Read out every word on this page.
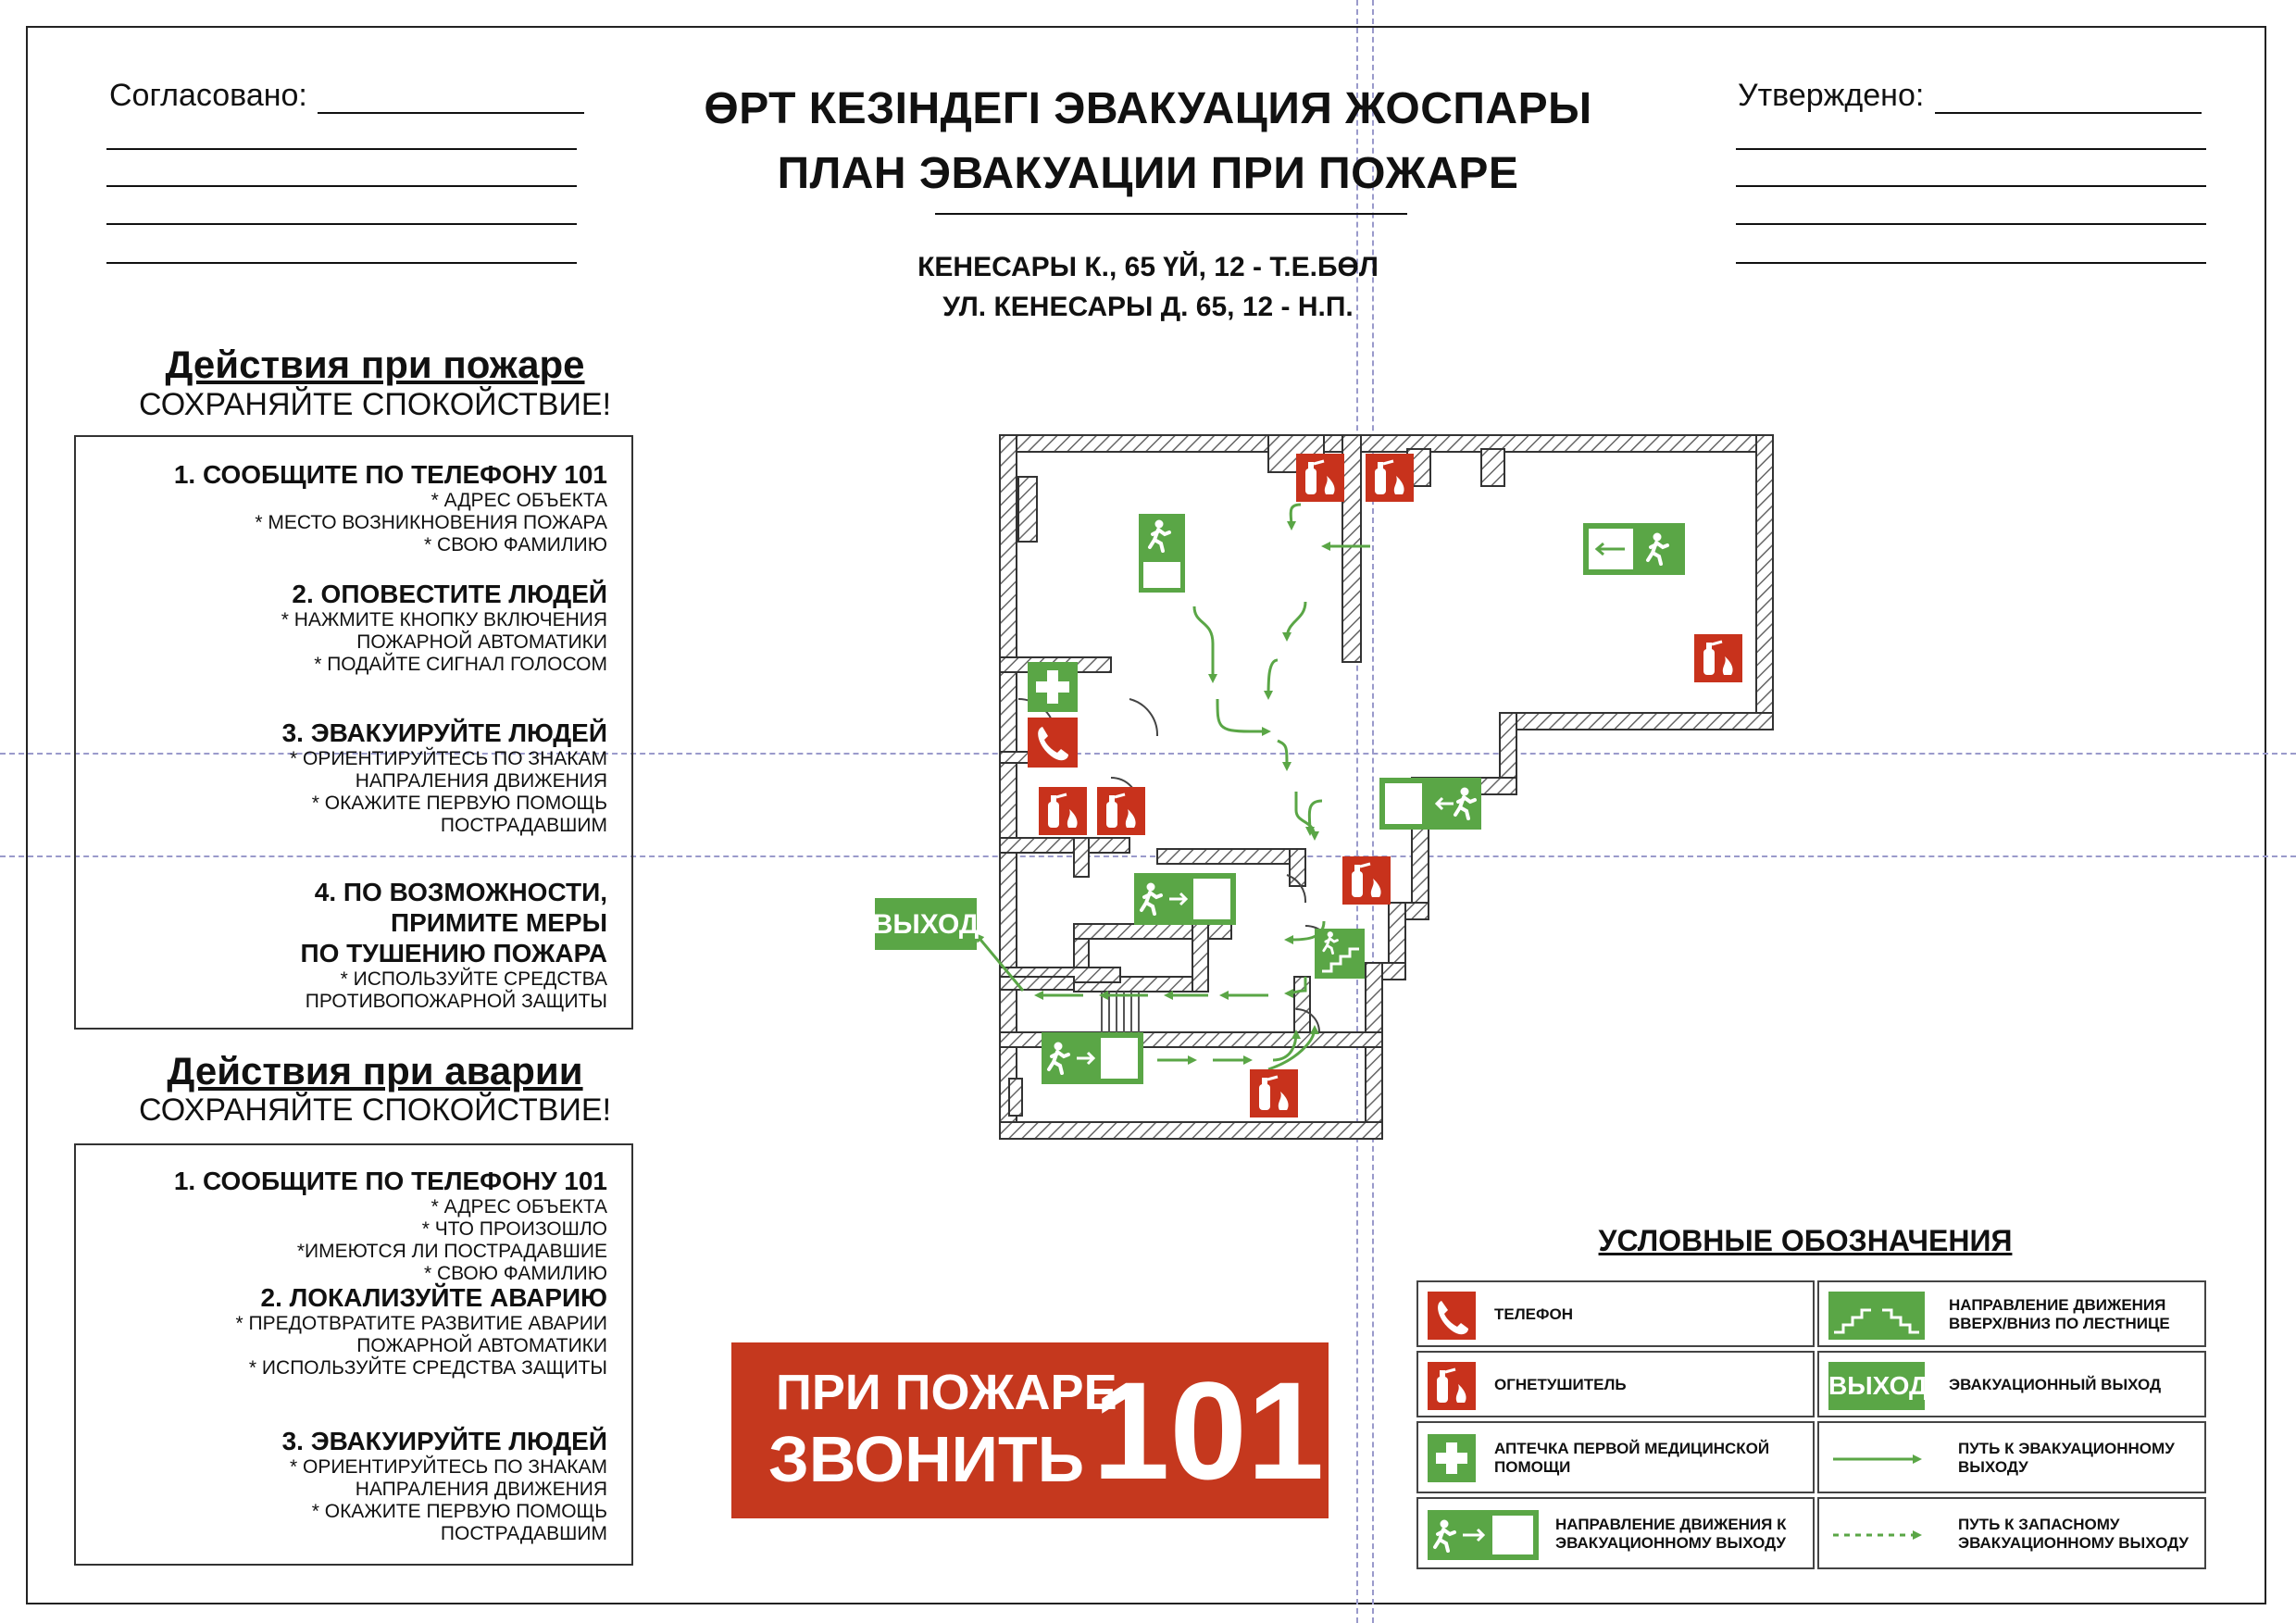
Согласовано:	Утверждено:
ӨРТ КЕЗІНДЕГІ ЭВАКУАЦИЯ ЖОСПАРЫ
ПЛАН ЭВАКУАЦИИ ПРИ ПОЖАРЕ
КЕНЕСАРЫ К., 65 ҮЙ, 12 - Т.Е.БӨЛ
УЛ. КЕНЕСАРЫ Д. 65, 12 - Н.П.
Действия при пожаре
СОХРАНЯЙТЕ СПОКОЙСТВИЕ!
1. СООБЩИТЕ ПО ТЕЛЕФОНУ 101
* АДРЕС ОБЪЕКТА
* МЕСТО ВОЗНИКНОВЕНИЯ ПОЖАРА
* СВОЮ ФАМИЛИЮ
2. ОПОВЕСТИТЕ ЛЮДЕЙ
* НАЖМИТЕ КНОПКУ ВКЛЮЧЕНИЯ
ПОЖАРНОЙ АВТОМАТИКИ
* ПОДАЙТЕ СИГНАЛ ГОЛОСОМ
3. ЭВАКУИРУЙТЕ ЛЮДЕЙ
* ОРИЕНТИРУЙТЕСЬ ПО ЗНАКАМ
НАПРАЛЕНИЯ ДВИЖЕНИЯ
* ОКАЖИТЕ ПЕРВУЮ ПОМОЩЬ
ПОСТРАДАВШИМ
4. ПО ВОЗМОЖНОСТИ,
ПРИМИТЕ МЕРЫ
ПО ТУШЕНИЮ ПОЖАРА
* ИСПОЛЬЗУЙТЕ СРЕДСТВА
ПРОТИВОПОЖАРНОЙ ЗАЩИТЫ
Действия при аварии
СОХРАНЯЙТЕ СПОКОЙСТВИЕ!
1. СООБЩИТЕ ПО ТЕЛЕФОНУ 101
* АДРЕС ОБЪЕКТА
* ЧТО ПРОИЗОШЛО
*ИМЕЮТСЯ ЛИ ПОСТРАДАВШИЕ
* СВОЮ ФАМИЛИЮ
2. ЛОКАЛИЗУЙТЕ АВАРИЮ
* ПРЕДОТВРАТИТЕ РАЗВИТИЕ АВАРИИ
ПОЖАРНОЙ АВТОМАТИКИ
* ИСПОЛЬЗУЙТЕ СРЕДСТВА ЗАЩИТЫ
3. ЭВАКУИРУЙТЕ ЛЮДЕЙ
* ОРИЕНТИРУЙТЕСЬ ПО ЗНАКАМ
НАПРАЛЕНИЯ ДВИЖЕНИЯ
* ОКАЖИТЕ ПЕРВУЮ ПОМОЩЬ
ПОСТРАДАВШИМ
ПРИ ПОЖАРЕ
ЗВОНИТЬ 101
ВЫХОД
УСЛОВНЫЕ ОБОЗНАЧЕНИЯ
ТЕЛЕФОН
НАПРАВЛЕНИЕ ДВИЖЕНИЯ ВВЕРХ/ВНИЗ ПО ЛЕСТНИЦЕ
ОГНЕТУШИТЕЛЬ	ВЫХОД ЭВАКУАЦИОННЫЙ ВЫХОД
АПТЕЧКА ПЕРВОЙ МЕДИЦИНСКОЙ ПОМОЩИ
ПУТЬ К ЭВАКУАЦИОННОМУ ВЫХОДУ
НАПРАВЛЕНИЕ ДВИЖЕНИЯ К ЭВАКУАЦИОННОМУ ВЫХОДУ
ПУТЬ К ЗАПАСНОМУ ЭВАКУАЦИОННОМУ ВЫХОДУ
